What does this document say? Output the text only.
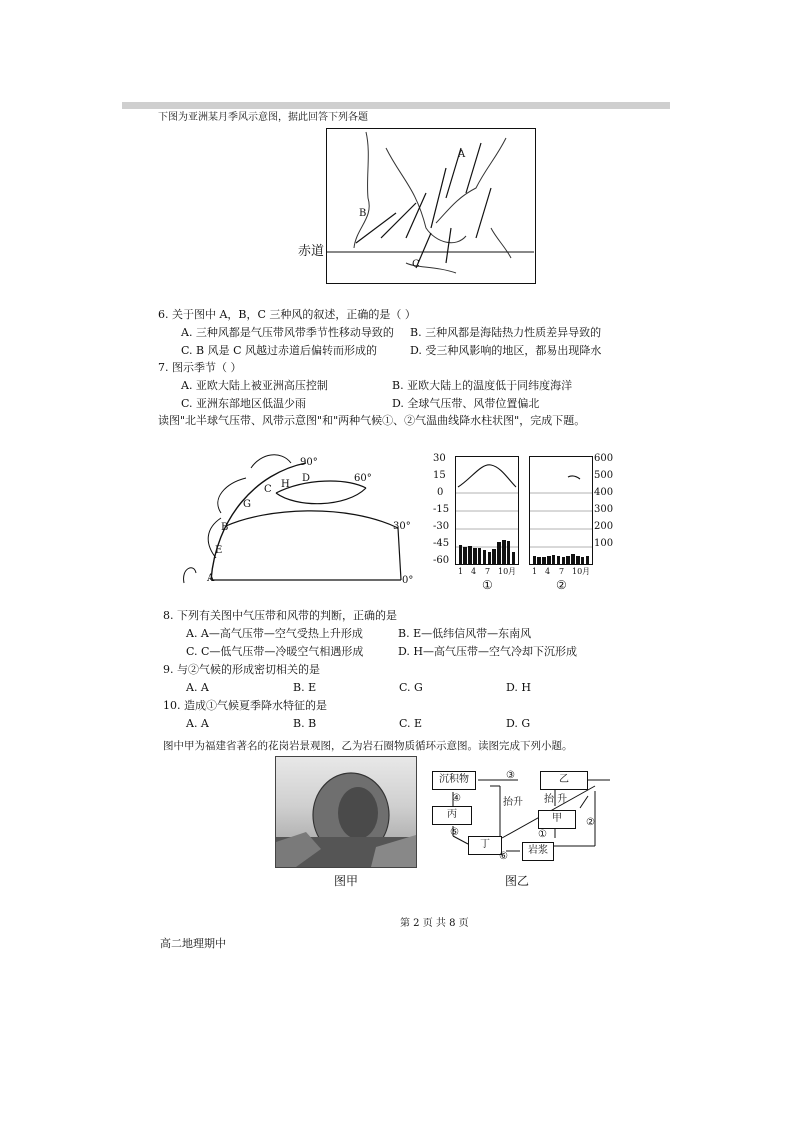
下图为亚洲某月季风示意图，据此回答下列各题
A
B
C
赤道
6. 关于图中 A，B，C 三种风的叙述，正确的是（ ）
A. 三种风都是气压带风带季节性移动导致的 B. 三种风都是海陆热力性质差异导致的
C. B 风是 C 风越过赤道后偏转而形成的	D. 受三种风影响的地区，都易出现降水
7. 图示季节（ ）
A. 亚欧大陆上被亚洲高压控制	B. 亚欧大陆上的温度低于同纬度海洋
C. 亚洲东部地区低温少雨	D. 全球气压带、风带位置偏北
读图"北半球气压带、风带示意图"和"两种气候①、②气温曲线降水柱状图"，完成下题。
90°
60°
30°
0°
A
B
C
D
E
G
H
30
15
0
-15
-30
-45
-60
600
500
400
300
200
100
1 4 7 10 月 1 4 7 10 月
①	②
8. 下列有关图中气压带和风带的判断，正确的是
A. A—高气压带—空气受热上升形成	B. E—低纬信风带—东南风
C. C—低气压带—冷暖空气相遇形成	D. H—高气压带—空气冷却下沉形成
9. 与②气候的形成密切相关的是
A. A	B. E	C. G	D. H
10. 造成①气候夏季降水特征的是
A. A	B. B	C. E	D. G
图中甲为福建省著名的花岗岩景观图，乙为岩石圈物质循环示意图。读图完成下列小题。
图甲
沉积物	乙
丙	甲
丁
岩浆
抬升 抬 升
④
⑤
③
①
②
⑥
图乙
第 2 页 共 8 页
高二地理期中
